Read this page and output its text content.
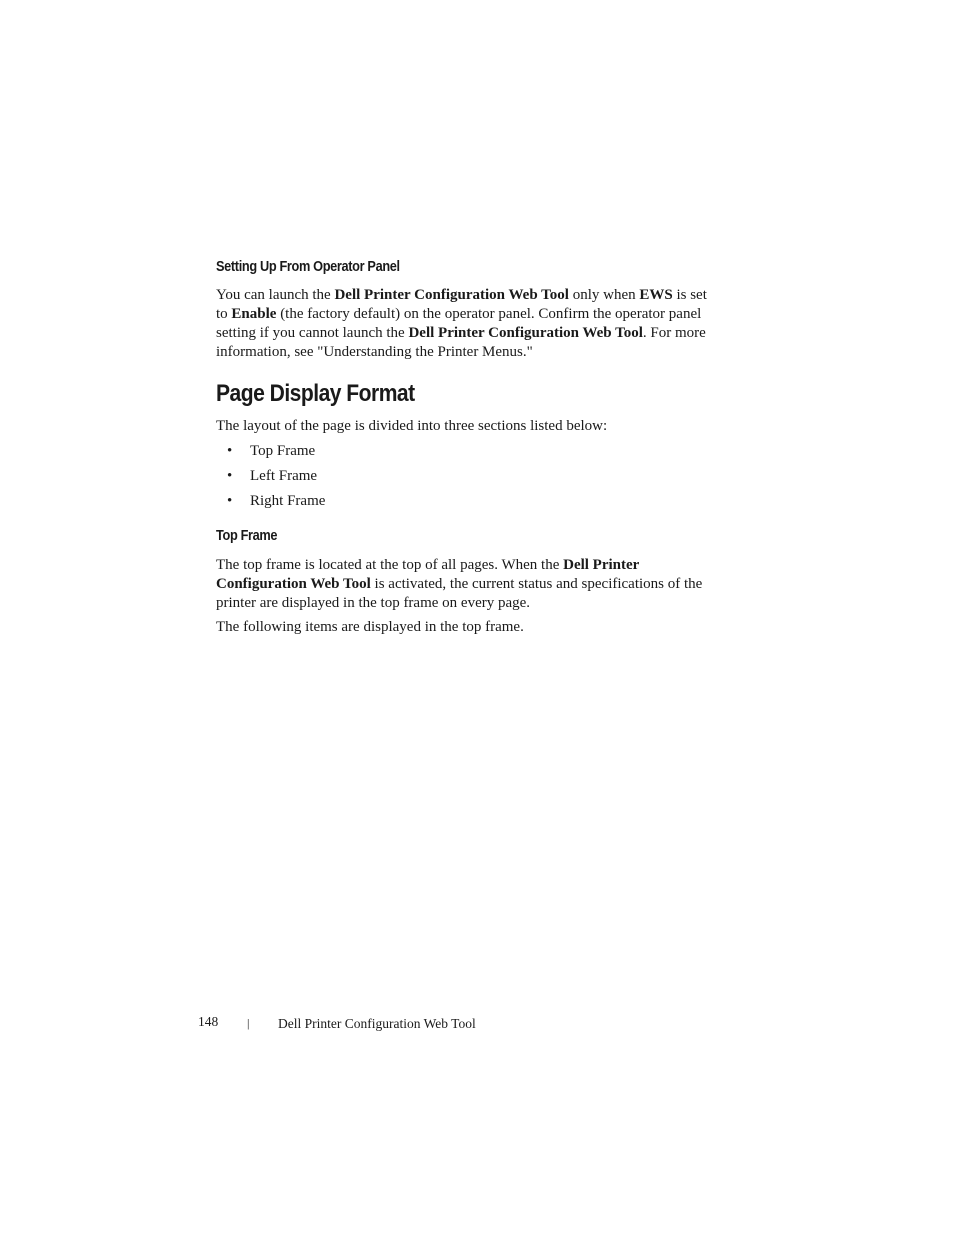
Setting Up From Operator Panel

You can launch the Dell Printer Configuration Web Tool only when EWS is set to Enable (the factory default) on the operator panel. Confirm the operator panel setting if you cannot launch the Dell Printer Configuration Web Tool. For more information, see "Understanding the Printer Menus."

Page Display Format

The layout of the page is divided into three sections listed below:

• Top Frame
• Left Frame
• Right Frame
Top Frame

The top frame is located at the top of all pages. When the Dell Printer Configuration Web Tool is activated, the current status and specifications of the printer are displayed in the top frame on every page.

The following items are displayed in the top frame.

148 | Dell Printer Configuration Web Tool
